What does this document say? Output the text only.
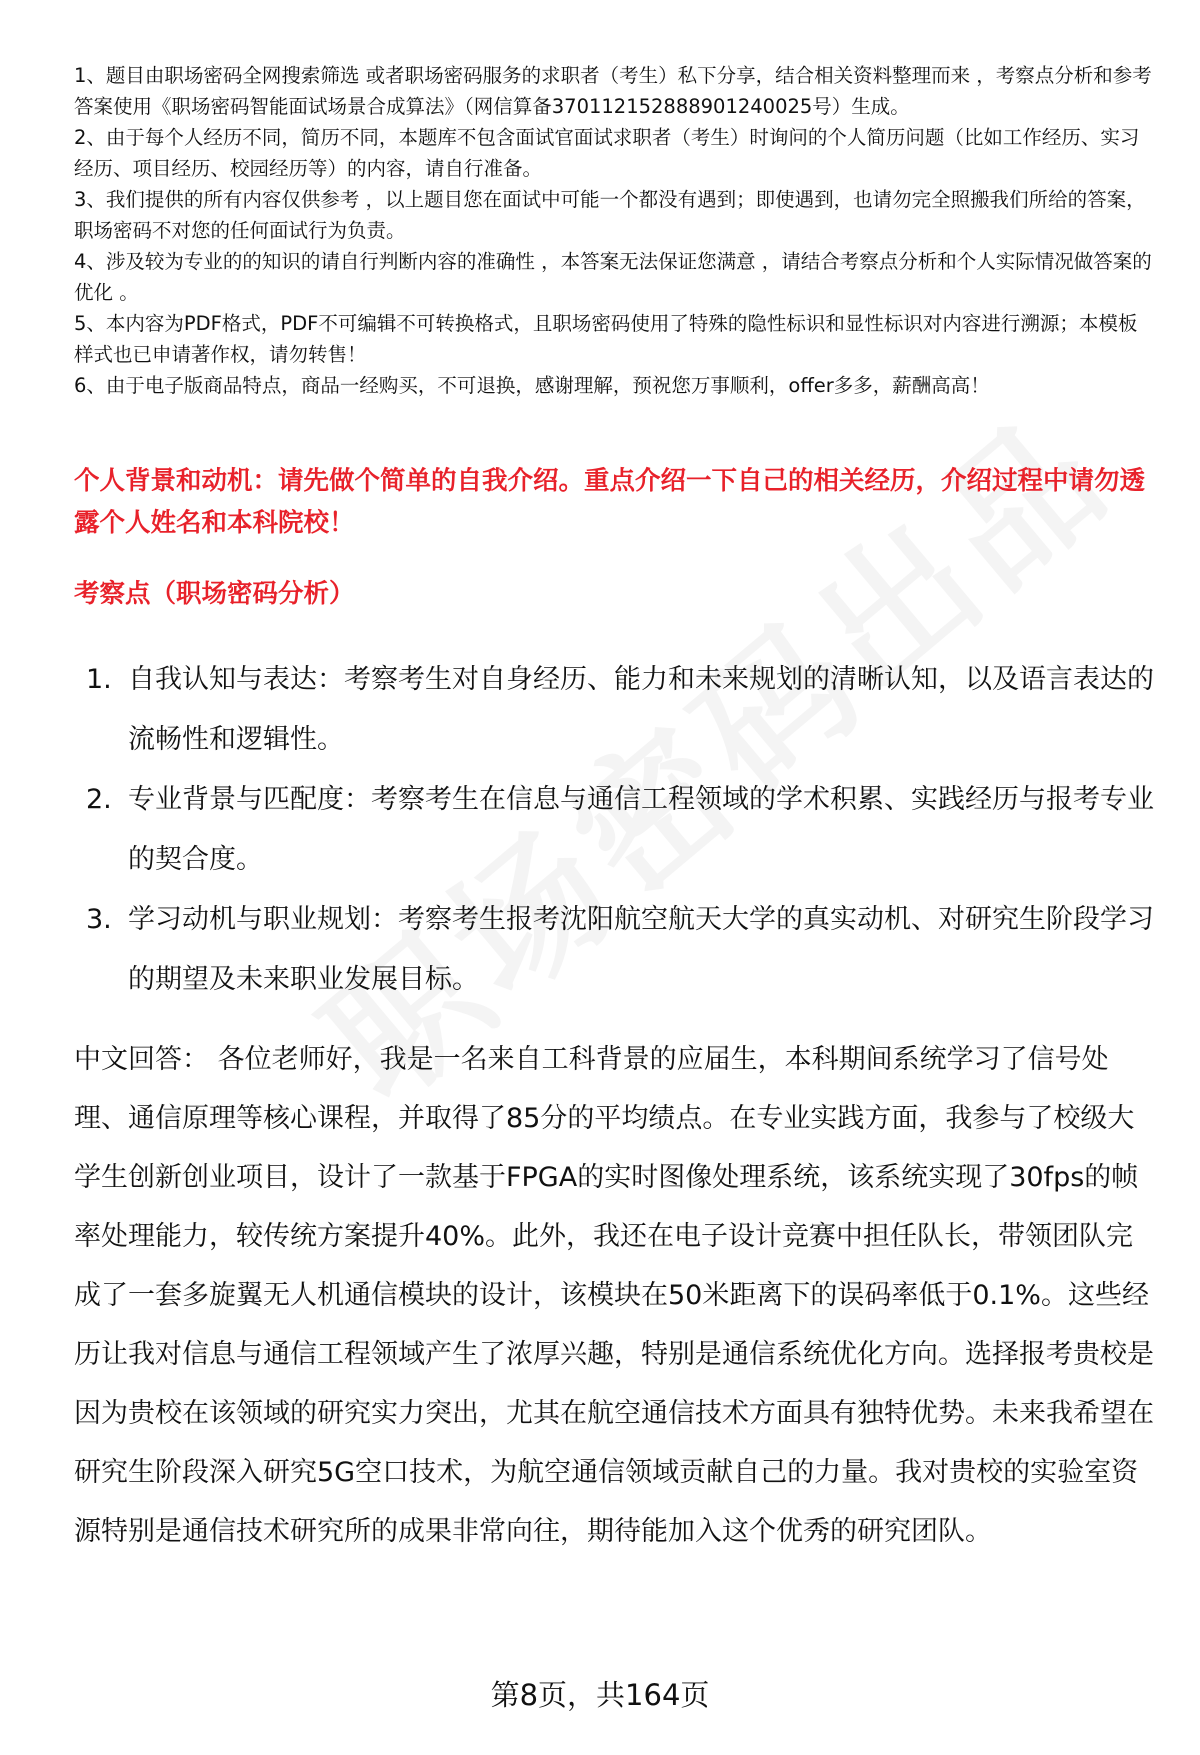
1、题目由职场密码全网搜索筛选 或者职场密码服务的求职者（考生）私下分享，结合相关资料整理而来 ，考察点分析和参考答案使用《职场密码智能面试场景合成算法》（网信算备370112152888901240025号）生成。

2、由于每个人经历不同，简历不同，本题库不包含面试官面试求职者（考生）时询问的个人简历问题（比如工作经历、实习经历、项目经历、校园经历等）的内容，请自行准备。

3、我们提供的所有内容仅供参考 ，以上题目您在面试中可能一个都没有遇到；即使遇到，也请勿完全照搬我们所给的答案，职场密码不对您的任何面试行为负责。

4、涉及较为专业的的知识的请自行判断内容的准确性 ，本答案无法保证您满意 ，请结合考察点分析和个人实际情况做答案的优化 。

5、本内容为PDF格式，PDF不可编辑不可转换格式，且职场密码使用了特殊的隐性标识和显性标识对内容进行溯源；本模板样式也已申请著作权，请勿转售！

6、由于电子版商品特点，商品一经购买，不可退换，感谢理解，预祝您万事顺利，offer多多，薪酬高高！

个人背景和动机：请先做个简单的自我介绍。重点介绍一下自己的相关经历，介绍过程中请勿透露个人姓名和本科院校！
考察点（职场密码分析）
1. 自我认知与表达：考察考生对自身经历、能力和未来规划的清晰认知，以及语言表达的流畅性和逻辑性。
2. 专业背景与匹配度：考察考生在信息与通信工程领域的学术积累、实践经历与报考专业的契合度。
3. 学习动机与职业规划：考察考生报考沈阳航空航天大学的真实动机、对研究生阶段学习的期望及未来职业发展目标。

中文回答： 各位老师好，我是一名来自工科背景的应届生，本科期间系统学习了信号处理、通信原理等核心课程，并取得了85分的平均绩点。在专业实践方面，我参与了校级大学生创新创业项目，设计了一款基于FPGA的实时图像处理系统，该系统实现了30fps的帧率处理能力，较传统方案提升40%。此外，我还在电子设计竞赛中担任队长，带领团队完成了一套多旋翼无人机通信模块的设计，该模块在50米距离下的误码率低于0.1%。这些经历让我对信息与通信工程领域产生了浓厚兴趣，特别是通信系统优化方向。选择报考贵校是因为贵校在该领域的研究实力突出，尤其在航空通信技术方面具有独特优势。未来我希望在研究生阶段深入研究5G空口技术，为航空通信领域贡献自己的力量。我对贵校的实验室资源特别是通信技术研究所的成果非常向往，期待能加入这个优秀的研究团队。

第8页，共164页
